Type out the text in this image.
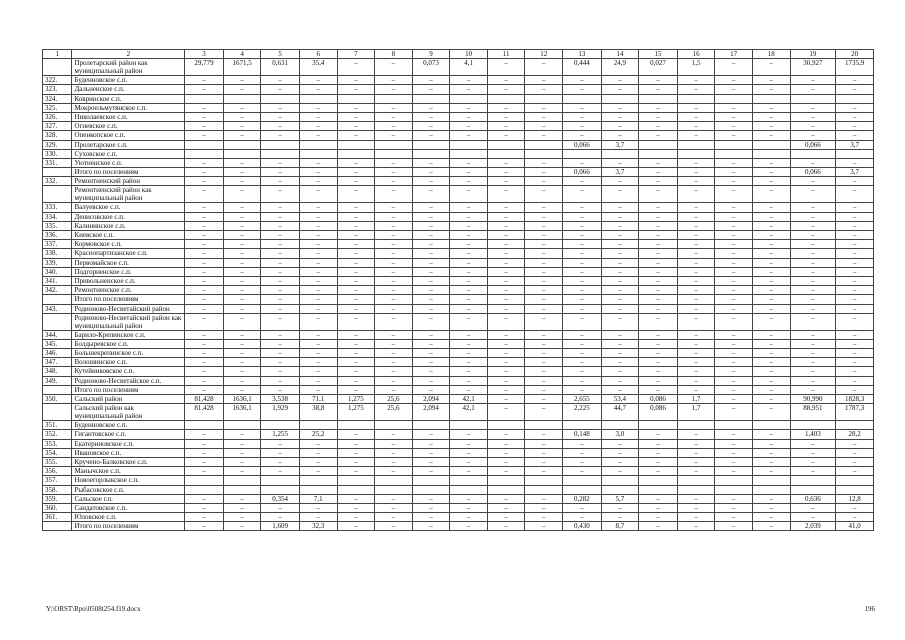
1	2	3	4	5	6	7	8	9	10	11	12	13	14	15	16	17	18	19	20
	Пролетарский район как муниципальный район	29,779	1671,5	0,631	35,4	–	–	0,073	4,1	–	–	0,444	24,9	0,027	1,5	–	–	30,927	1735,9
322.	Буденновское с.п.	–	–	–	–	–	–	–	–	–	–	–	–	–	–	–	–	–	–
323.	Дальненское с.п.	–	–	–	–	–	–	–	–	–	–	–	–	–	–	–	–	–	–
324.	Ковринское с.п.																		
325.	Мокроельмутянское с.п.	–	–	–	–	–	–	–	–	–	–	–	–	–	–	–	–	–	–
326.	Николаевское с.п.	–	–	–	–	–	–	–	–	–	–	–	–	–	–	–	–	–	–
327.	Огневское с.п.	–	–	–	–	–	–	–	–	–	–	–	–	–	–	–	–	–	–
328.	Опенкопское с.п.	–	–	–	–	–	–	–	–	–	–	–	–	–	–	–	–	–	–
329.	Пролетарское с.п.											0,066	3,7					0,066	3,7
330.	Суховское с.п.																		
331.	Уютненское с.п.	–	–	–	–	–	–	–	–	–	–	–	–	–	–	–	–	–	–
	Итого по поселениям	–	–	–	–	–	–	–	–	–	–	0,066	3,7	–	–	–	–	0,066	3,7
332.	Ремонтненский район	–	–	–	–	–	–	–	–	–	–	–	–	–	–	–	–	–	–
	Ремонтненский район как муниципальный район	–	–	–	–	–	–	–	–	–	–	–	–	–	–	–	–	–	–
333.	Валуевское с.п.	–	–	–	–	–	–	–	–	–	–	–	–	–	–	–	–	–	–
334.	Денисовское с.п.	–	–	–	–	–	–	–	–	–	–	–	–	–	–	–	–	–	–
335.	Калининское с.п.	–	–	–	–	–	–	–	–	–	–	–	–	–	–	–	–	–	–
336.	Киевское с.п.	–	–	–	–	–	–	–	–	–	–	–	–	–	–	–	–	–	–
337.	Кормовское с.п.	–	–	–	–	–	–	–	–	–	–	–	–	–	–	–	–	–	–
338.	Краснопартизанское с.п.	–	–	–	–	–	–	–	–	–	–	–	–	–	–	–	–	–	–
339.	Первомайское с.п.	–	–	–	–	–	–	–	–	–	–	–	–	–	–	–	–	–	–
340.	Подгорненское с.п.	–	–	–	–	–	–	–	–	–	–	–	–	–	–	–	–	–	–
341.	Привольненское с.п.	–	–	–	–	–	–	–	–	–	–	–	–	–	–	–	–	–	–
342.	Ремонтненское с.п.	–	–	–	–	–	–	–	–	–	–	–	–	–	–	–	–	–	–
	Итого по поселениям	–	–	–	–	–	–	–	–	–	–	–	–	–	–	–	–	–	–
343.	Родионово-Несветайский район	–	–	–	–	–	–	–	–	–	–	–	–	–	–	–	–	–	–
	Родионово-Несветайский район как муниципальный район	–	–	–	–	–	–	–	–	–	–	–	–	–	–	–	–	–	–
344.	Барило-Крепинское с.п.	–	–	–	–	–	–	–	–	–	–	–	–	–	–	–	–	–	–
345.	Болдыревское с.п.	–	–	–	–	–	–	–	–	–	–	–	–	–	–	–	–	–	–
346.	Большекрепинское с.п.	–	–	–	–	–	–	–	–	–	–	–	–	–	–	–	–	–	–
347.	Волошинское с.п.	–	–	–	–	–	–	–	–	–	–	–	–	–	–	–	–	–	–
348.	Кутейниковское с.п.	–	–	–	–	–	–	–	–	–	–	–	–	–	–	–	–	–	–
349.	Родионово-Несветайское с.п.	–	–	–	–	–	–	–	–	–	–	–	–	–	–	–	–	–	–
	Итого по поселениям	–	–	–	–	–	–	–	–	–	–	–	–	–	–	–	–	–	–
350.	Сальский район	81,428	1636,1	3,538	71,1	1,275	25,6	2,094	42,1	–	–	2,655	53,4	0,086	1,7	–	–	90,990	1828,3
	Сальский район как муниципальный район	81,428	1636,1	1,929	38,8	1,275	25,6	2,094	42,1	–	–	2,225	44,7	0,086	1,7	–	–	88,951	1787,3
351.	Буденновское с.п.																		
352.	Гигантовское с.п.	–	–	1,255	25,2	–	–	–	–	–	–	0,148	3,0	–	–	–	–	1,403	28,2
353.	Екатериновское с.п.	–	–	–	–	–	–	–	–	–	–	–	–	–	–	–	–	–	–
354.	Ивановское с.п.	–	–	–	–	–	–	–	–	–	–	–	–	–	–	–	–	–	–
355.	Кручено-Балковское с.п.	–	–	–	–	–	–	–	–	–	–	–	–	–	–	–	–	–	–
356.	Манычское с.п.	–	–	–	–	–	–	–	–	–	–	–	–	–	–	–	–	–	–
357.	Новоегорлыкское с.п.																		
358.	Рыбасовское с.п.																		
359.	Сальское г.п.	–	–	0,354	7,1	–	–	–	–	–	–	0,282	5,7	–	–	–	–	0,636	12,8
360.	Сандатовское с.п.	–	–	–	–	–	–	–	–	–	–	–	–	–	–	–	–	–	–
361.	Юловское с.п.	–	–	–	–	–	–	–	–	–	–	–	–	–	–	–	–	–	–
	Итого по поселениям	–	–	1,609	32,3	–	–	–	–	–	–	0,430	8,7	–	–	–	–	2,039	41,0
Y:\ORST\Rpo\0508t254.f19.docx	196
